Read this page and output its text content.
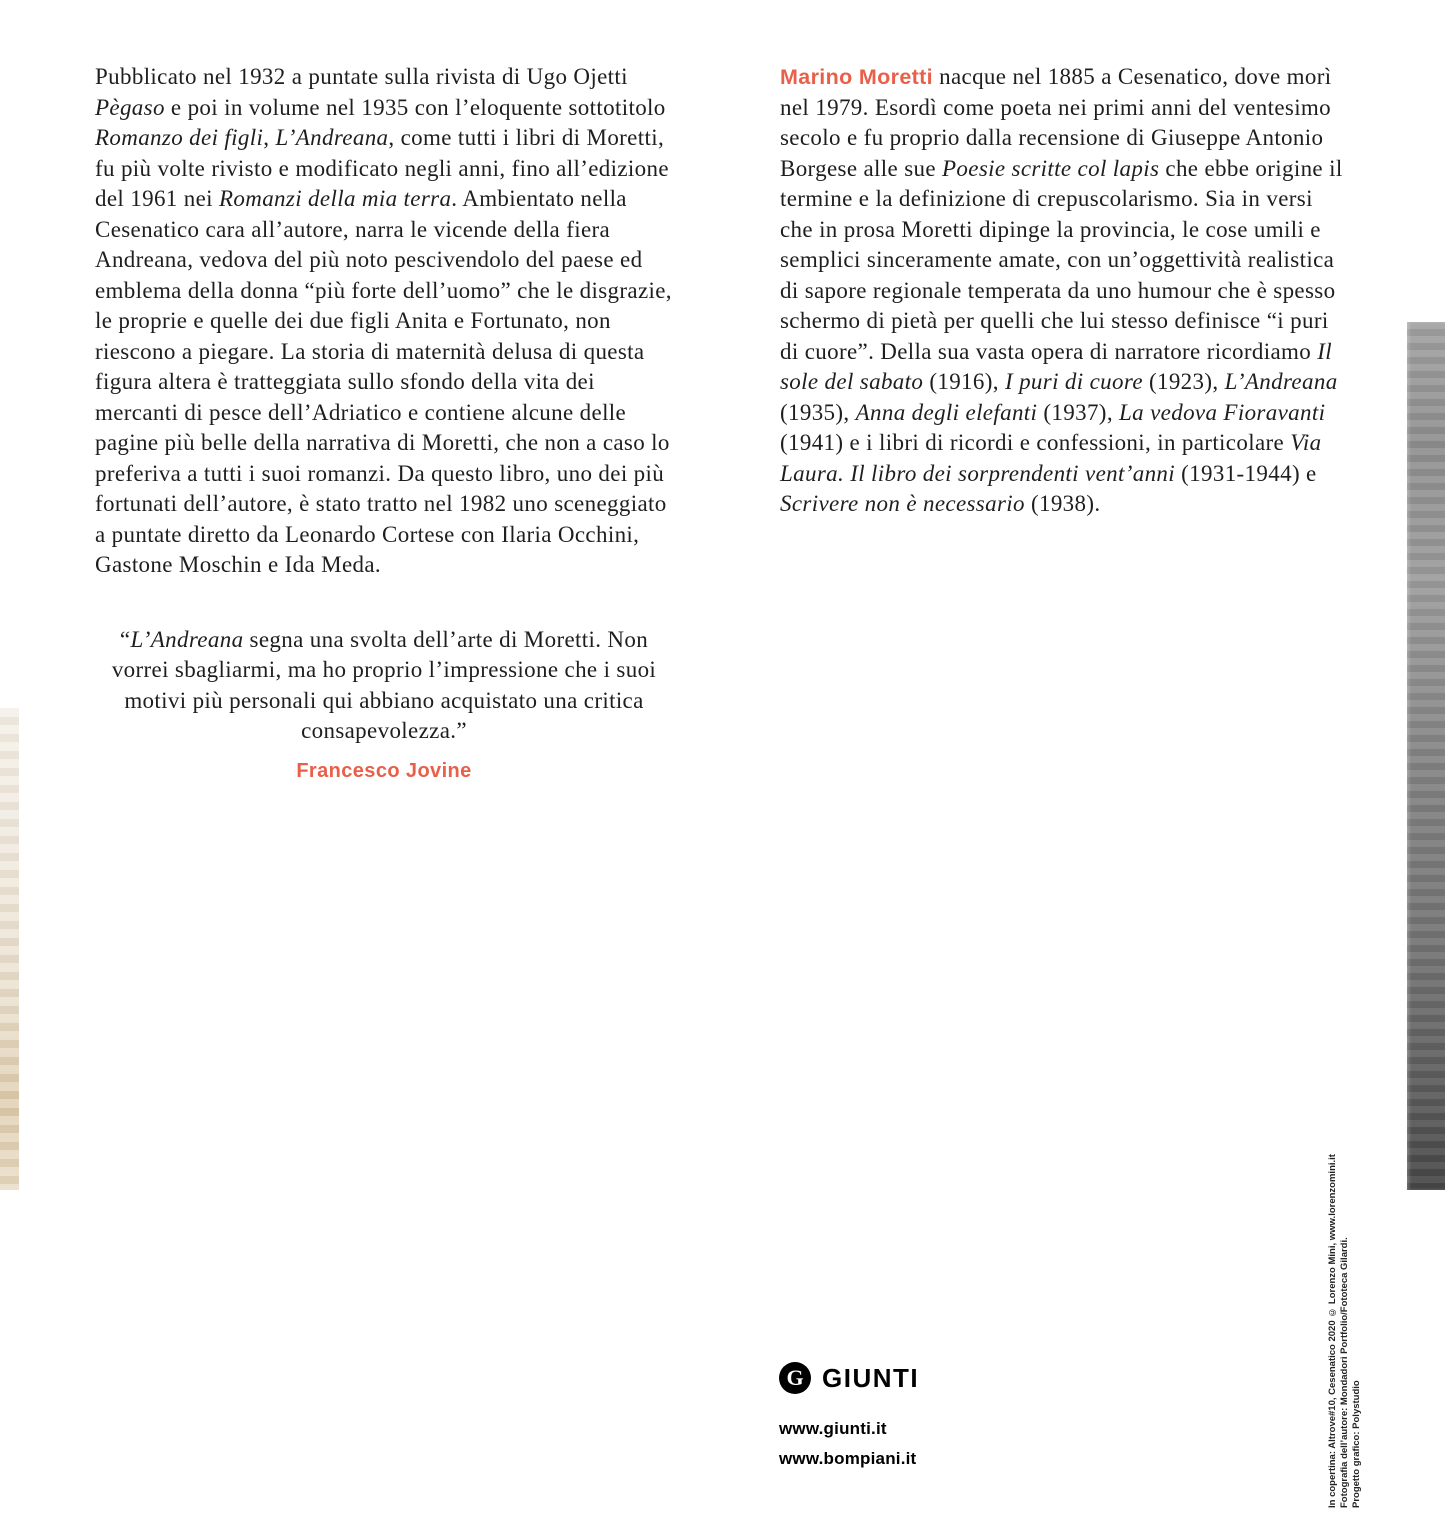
Pubblicato nel 1932 a puntate sulla rivista di Ugo Ojetti Pègaso e poi in volume nel 1935 con l’eloquente sottotitolo Romanzo dei figli, L’Andreana, come tutti i libri di Moretti, fu più volte rivisto e modificato negli anni, fino all’edizione del 1961 nei Romanzi della mia terra. Ambientato nella Cesenatico cara all’autore, narra le vicende della fiera Andreana, vedova del più noto pescivendolo del paese ed emblema della donna “più forte dell’uomo” che le disgrazie, le proprie e quelle dei due figli Anita e Fortunato, non riescono a piegare. La storia di maternità delusa di questa figura altera è tratteggiata sullo sfondo della vita dei mercanti di pesce dell’Adriatico e contiene alcune delle pagine più belle della narrativa di Moretti, che non a caso lo preferiva a tutti i suoi romanzi. Da questo libro, uno dei più fortunati dell’autore, è stato tratto nel 1982 uno sceneggiato a puntate diretto da Leonardo Cortese con Ilaria Occhini, Gastone Moschin e Ida Meda.

“L’Andreana segna una svolta dell’arte di Moretti. Non vorrei sbagliarmi, ma ho proprio l’impressione che i suoi motivi più personali qui abbiano acquistato una critica consapevolezza.”

Francesco Jovine

Marino Moretti nacque nel 1885 a Cesenatico, dove morì nel 1979. Esordì come poeta nei primi anni del ventesimo secolo e fu proprio dalla recensione di Giuseppe Antonio Borgese alle sue Poesie scritte col lapis che ebbe origine il termine e la definizione di crepuscolarismo. Sia in versi che in prosa Moretti dipinge la provincia, le cose umili e semplici sinceramente amate, con un’oggettività realistica di sapore regionale temperata da uno humour che è spesso schermo di pietà per quelli che lui stesso definisce “i puri di cuore”. Della sua vasta opera di narratore ricordiamo Il sole del sabato (1916), I puri di cuore (1923), L’Andreana (1935), Anna degli elefanti (1937), La vedova Fioravanti (1941) e i libri di ricordi e confessioni, in particolare Via Laura. Il libro dei sorprendenti vent’anni (1931-1944) e Scrivere non è necessario (1938).

G GIUNTI
www.giunti.it
www.bompiani.it	In copertina: Altrove#10, Cesenatico 2020 © Lorenzo Mini, www.lorenzomini.it Fotografia dell’autore: Mondadori Portfolio/Fototeca Gilardi. Progetto grafico: Polystudio
